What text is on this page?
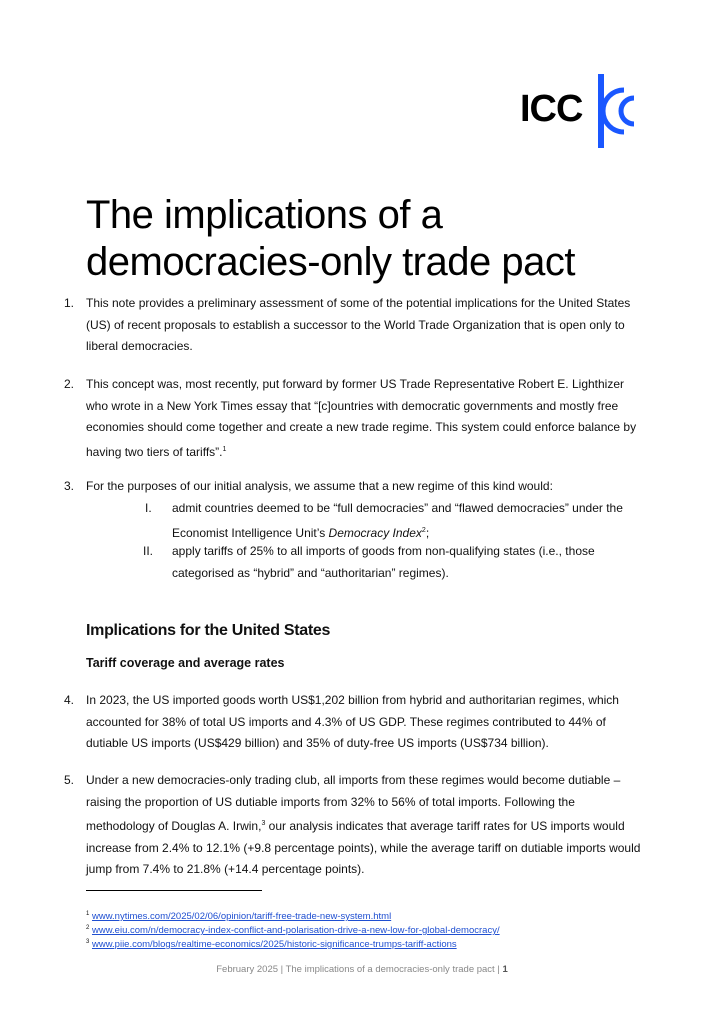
ICC
The implications of a democracies-only trade pact
1. This note provides a preliminary assessment of some of the potential implications for the United States (US) of recent proposals to establish a successor to the World Trade Organization that is open only to liberal democracies.

2. This concept was, most recently, put forward by former US Trade Representative Robert E. Lighthizer who wrote in a New York Times essay that “[c]ountries with democratic governments and mostly free economies should come together and create a new trade regime. This system could enforce balance by having two tiers of tariffs”.$^1$

3. For the purposes of our initial analysis, we assume that a new regime of this kind would:

I. admit countries deemed to be “full democracies” and “flawed democracies” under the Economist Intelligence Unit’s Democracy Index$^2$;

II. apply tariffs of 25% to all imports of goods from non-qualifying states (i.e., those categorised as “hybrid” and “authoritarian” regimes).

Implications for the United States
Tariff coverage and average rates
4. In 2023, the US imported goods worth US$1,202 billion from hybrid and authoritarian regimes, which accounted for 38% of total US imports and 4.3% of US GDP. These regimes contributed to 44% of dutiable US imports (US$429 billion) and 35% of duty-free US imports (US$734 billion).

5. Under a new democracies-only trading club, all imports from these regimes would become dutiable – raising the proportion of US dutiable imports from 32% to 56% of total imports. Following the methodology of Douglas A. Irwin,$^3$ our analysis indicates that average tariff rates for US imports would increase from 2.4% to 12.1% (+9.8 percentage points), while the average tariff on dutiable imports would jump from 7.4% to 21.8% (+14.4 percentage points).

$^1$ www.nytimes.com/2025/02/06/opinion/tariff-free-trade-new-system.html
$^2$ www.eiu.com/n/democracy-index-conflict-and-polarisation-drive-a-new-low-for-global-democracy/
$^3$ www.piie.com/blogs/realtime-economics/2025/historic-significance-trumps-tariff-actions
February 2025 | The implications of a democracies-only trade pact | 1
